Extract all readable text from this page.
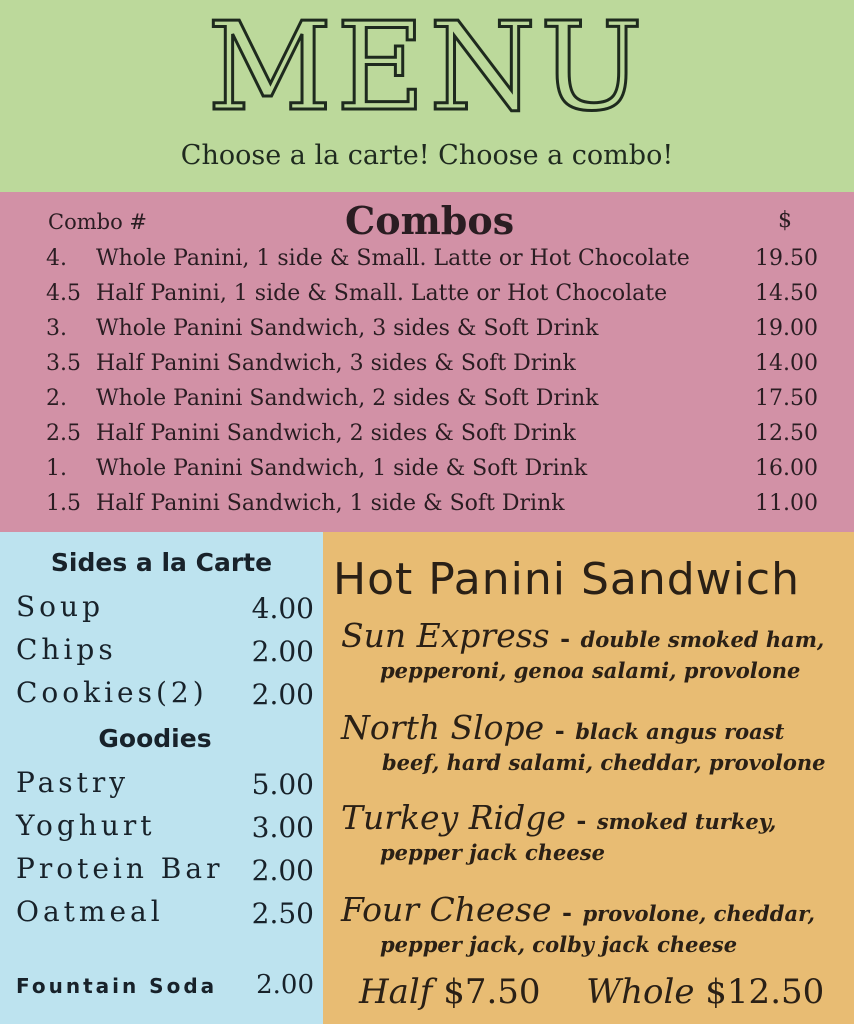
MENU
Choose a la carte! Choose a combo!
Combo #	Combos	$
4. Whole Panini, 1 side & Small. Latte or Hot Chocolate	19.50
4.5 Half Panini, 1 side & Small. Latte or Hot Chocolate	14.50
3. Whole Panini Sandwich, 3 sides & Soft Drink	19.00
3.5 Half Panini Sandwich, 3 sides & Soft Drink	14.00
2. Whole Panini Sandwich, 2 sides & Soft Drink	17.50
2.5 Half Panini Sandwich, 2 sides & Soft Drink	12.50
1. Whole Panini Sandwich, 1 side & Soft Drink	16.00
1.5 Half Panini Sandwich, 1 side & Soft Drink	11.00
Sides a la Carte
Soup	4.00
Chips	2.00
Cookies(2) 2.00
Goodies
Pastry	5.00
Yoghurt	3.00
Protein Bar 2.00
Oatmeal	2.50
Fountain Soda 2.00
Hot Panini Sandwich
Sun Express - double smoked ham,
pepperoni, genoa salami, provolone
North Slope - black angus roast
beef, hard salami, cheddar, provolone
Turkey Ridge - smoked turkey,
pepper jack cheese
Four Cheese - provolone, cheddar,
pepper jack, colby jack cheese
Half $7.50 Whole $12.50
